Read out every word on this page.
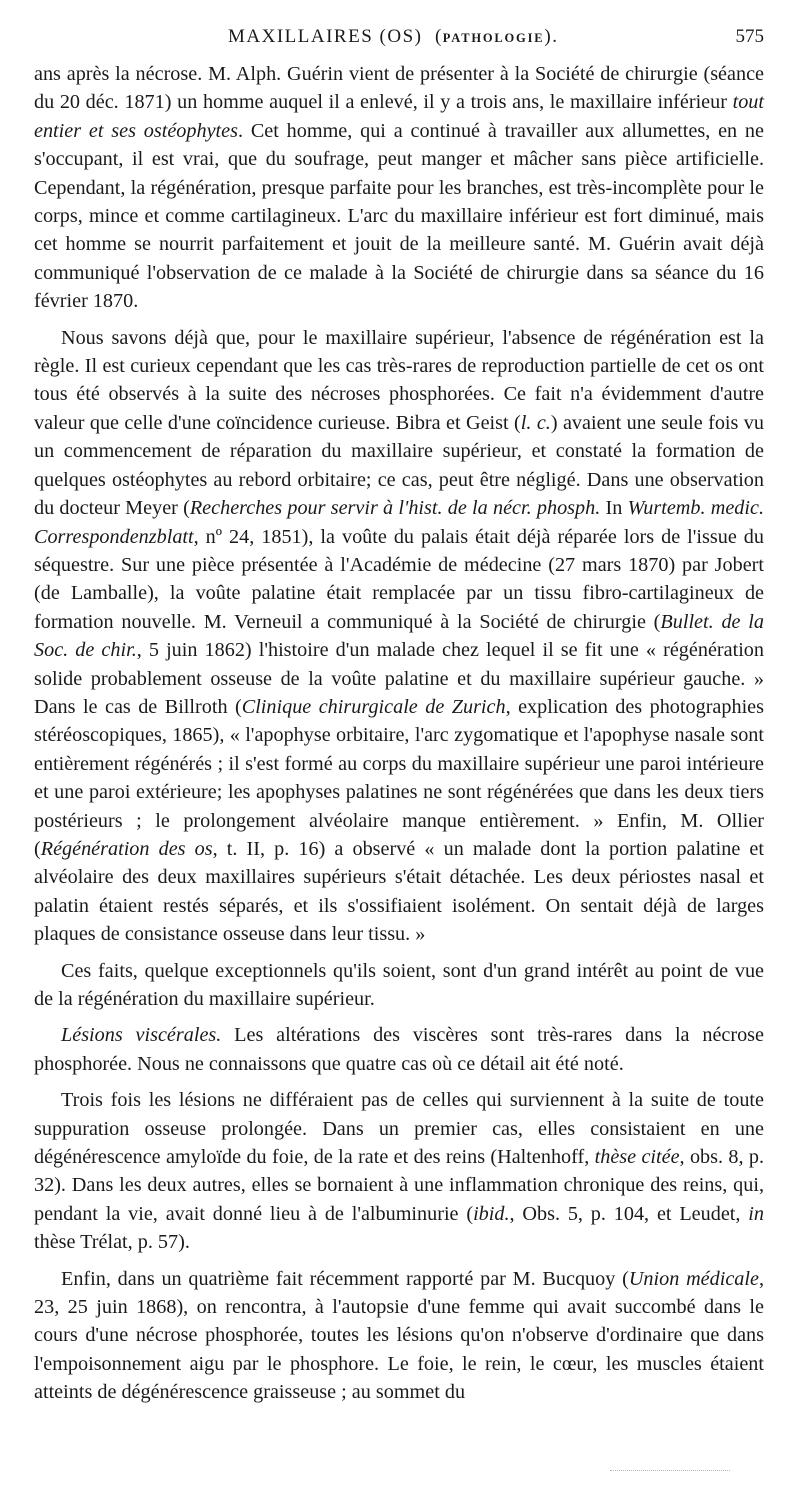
MAXILLAIRES (OS) (PATHOLOGIE).	575

ans après la nécrose. M. Alph. Guérin vient de présenter à la Société de chirurgie (séance du 20 déc. 1871) un homme auquel il a enlevé, il y a trois ans, le maxillaire inférieur tout entier et ses ostéophytes. Cet homme, qui a continué à travailler aux allumettes, en ne s'occupant, il est vrai, que du soufrage, peut manger et mâcher sans pièce artificielle. Cependant, la régénération, presque parfaite pour les branches, est très-incomplète pour le corps, mince et comme cartilagineux. L'arc du maxillaire inférieur est fort diminué, mais cet homme se nourrit parfaitement et jouit de la meilleure santé. M. Guérin avait déjà communiqué l'observation de ce malade à la Société de chirurgie dans sa séance du 16 février 1870.

Nous savons déjà que, pour le maxillaire supérieur, l'absence de régénération est la règle. Il est curieux cependant que les cas très-rares de reproduction partielle de cet os ont tous été observés à la suite des nécroses phosphorées. Ce fait n'a évidemment d'autre valeur que celle d'une coïncidence curieuse. Bibra et Geist (l. c.) avaient une seule fois vu un commencement de réparation du maxillaire supérieur, et constaté la formation de quelques ostéophytes au rebord orbitaire; ce cas, peut être négligé. Dans une observation du docteur Meyer (Recherches pour servir à l'hist. de la nécr. phosph. In Wurtemb. medic. Correspondenzblatt, nº 24, 1851), la voûte du palais était déjà réparée lors de l'issue du séquestre. Sur une pièce présentée à l'Académie de médecine (27 mars 1870) par Jobert (de Lamballe), la voûte palatine était remplacée par un tissu fibro-cartilagineux de formation nouvelle. M. Verneuil a communiqué à la Société de chirurgie (Bullet. de la Soc. de chir., 5 juin 1862) l'histoire d'un malade chez lequel il se fit une « régénération solide probablement osseuse de la voûte palatine et du maxillaire supérieur gauche. » Dans le cas de Billroth (Clinique chirurgicale de Zurich, explication des photographies stéréoscopiques, 1865), « l'apophyse orbitaire, l'arc zygomatique et l'apophyse nasale sont entièrement régénérés ; il s'est formé au corps du maxillaire supérieur une paroi intérieure et une paroi extérieure; les apophyses palatines ne sont régénérées que dans les deux tiers postérieurs ; le prolongement alvéolaire manque entièrement. » Enfin, M. Ollier (Régénération des os, t. II, p. 16) a observé « un malade dont la portion palatine et alvéolaire des deux maxillaires supérieurs s'était détachée. Les deux périostes nasal et palatin étaient restés séparés, et ils s'ossifiaient isolément. On sentait déjà de larges plaques de consistance osseuse dans leur tissu. »

Ces faits, quelque exceptionnels qu'ils soient, sont d'un grand intérêt au point de vue de la régénération du maxillaire supérieur.

Lésions viscérales. Les altérations des viscères sont très-rares dans la nécrose phosphorée. Nous ne connaissons que quatre cas où ce détail ait été noté.

Trois fois les lésions ne différaient pas de celles qui surviennent à la suite de toute suppuration osseuse prolongée. Dans un premier cas, elles consistaient en une dégénérescence amyloïde du foie, de la rate et des reins (Haltenhoff, thèse citée, obs. 8, p. 32). Dans les deux autres, elles se bornaient à une inflammation chronique des reins, qui, pendant la vie, avait donné lieu à de l'albuminurie (ibid., Obs. 5, p. 104, et Leudet, in thèse Trélat, p. 57).

Enfin, dans un quatrième fait récemment rapporté par M. Bucquoy (Union médicale, 23, 25 juin 1868), on rencontra, à l'autopsie d'une femme qui avait succombé dans le cours d'une nécrose phosphorée, toutes les lésions qu'on n'observe d'ordinaire que dans l'empoisonnement aigu par le phosphore. Le foie, le rein, le cœur, les muscles étaient atteints de dégénérescence graisseuse ; au sommet du
